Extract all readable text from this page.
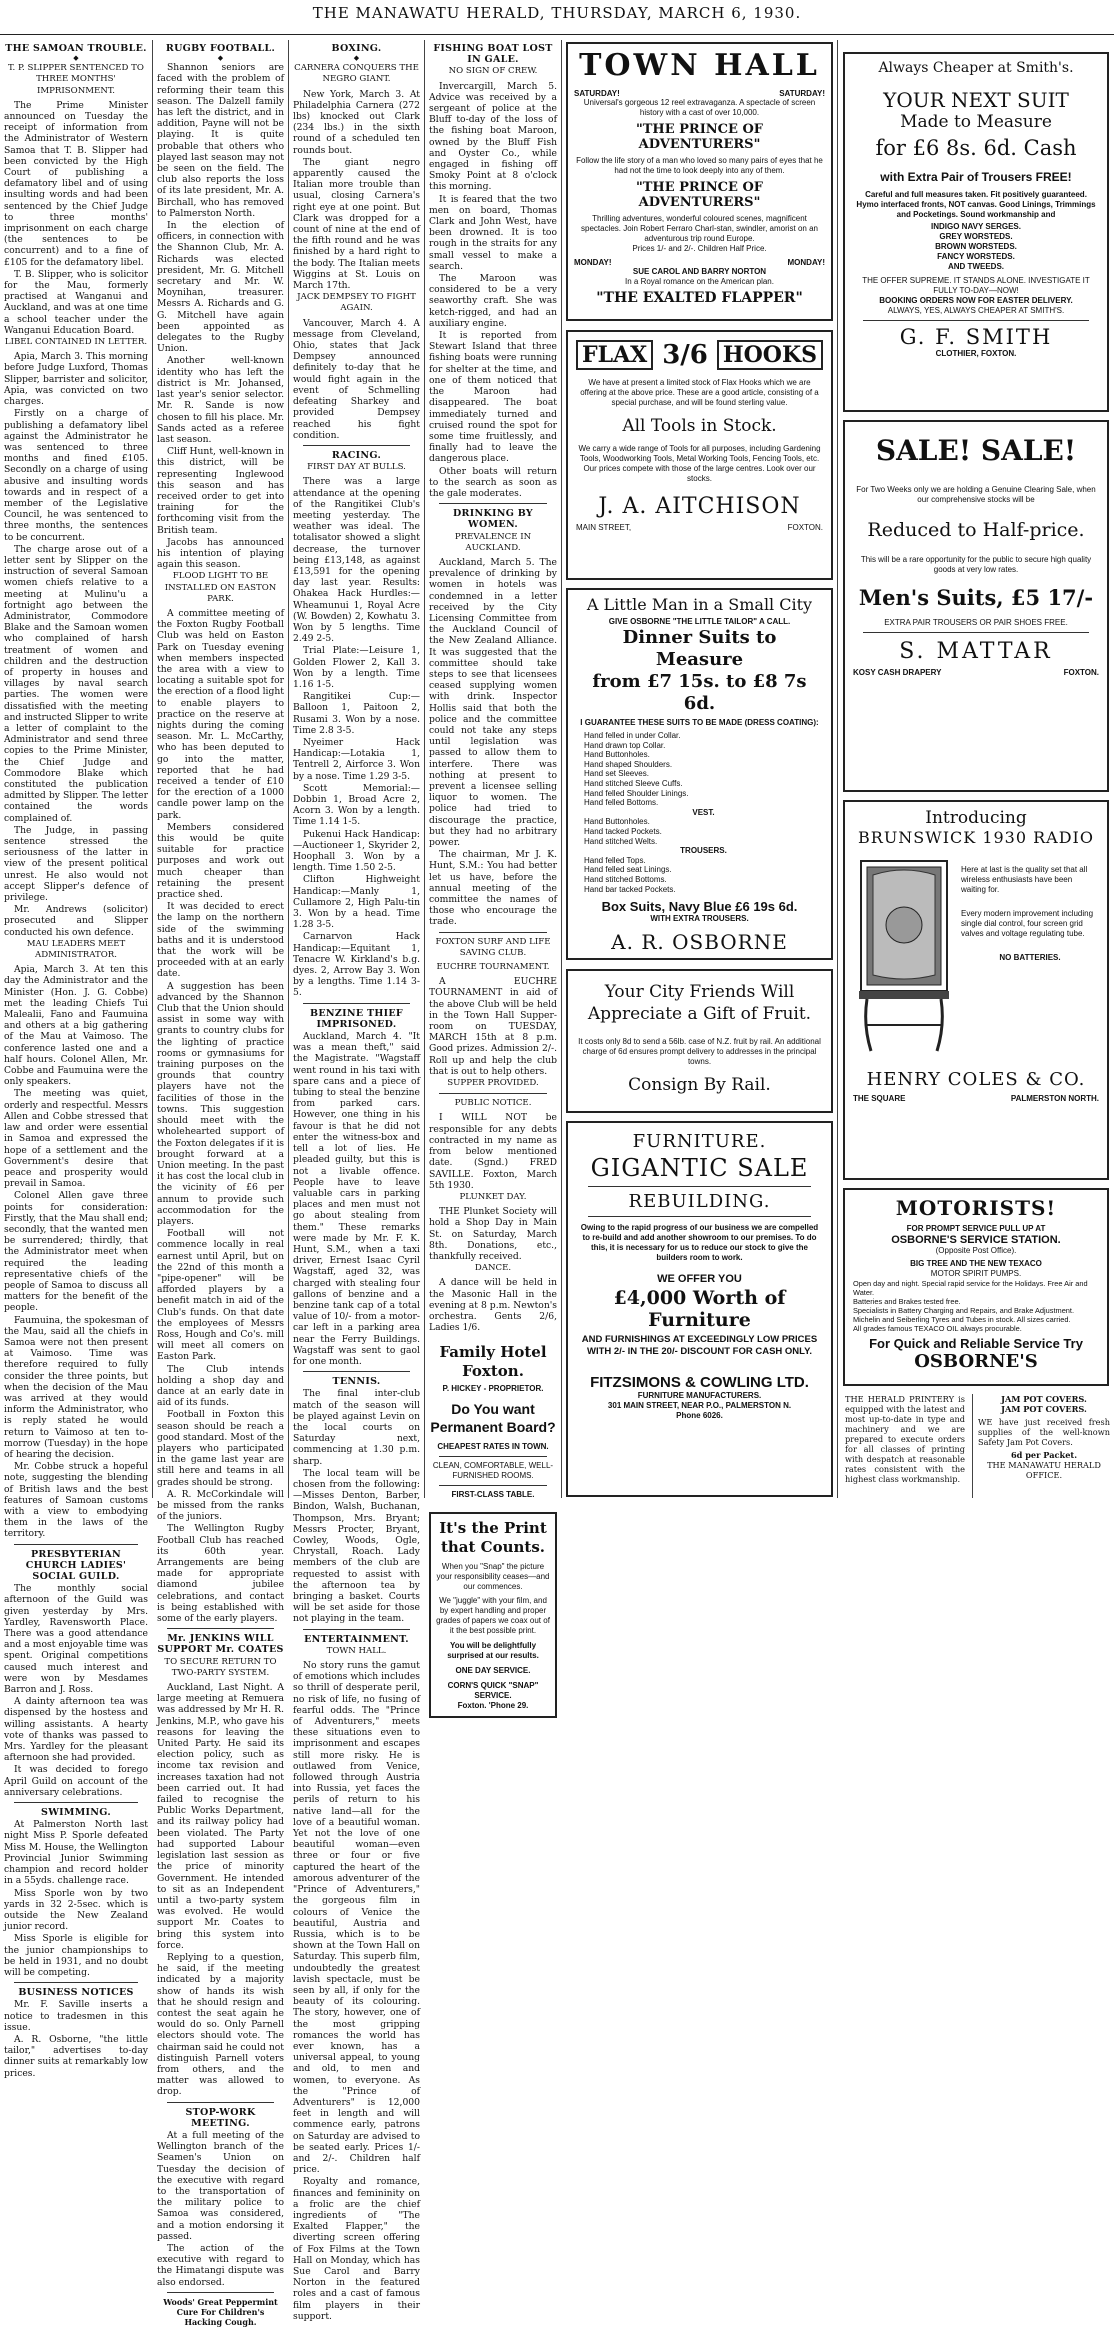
THE MANAWATU HERALD, THURSDAY, MARCH 6, 1930.
THE SAMOAN TROUBLE.
◆
T. P. SLIPPER SENTENCED TO THREE MONTHS' IMPRISONMENT.

The Prime Minister announced on Tuesday the receipt of information from the Administrator of Western Samoa that T. B. Slipper had been convicted by the High Court of publishing a defamatory libel and of using insulting words and had been sentenced by the Chief Judge to three months' imprisonment on each charge (the sentences to be concurrent) and to a fine of £105 for the defamatory libel.

T. B. Slipper, who is solicitor for the Mau, formerly practised at Wanganui and Auckland, and was at one time a school teacher under the Wanganui Education Board.

LIBEL CONTAINED IN LETTER.

Apia, March 3. This morning before Judge Luxford, Thomas Slipper, barrister and solicitor, Apia, was convicted on two charges.

Firstly on a charge of publishing a defamatory libel against the Administrator he was sentenced to three months and fined £105. Secondly on a charge of using abusive and insulting words towards and in respect of a member of the Legislative Council, he was sentenced to three months, the sentences to be concurrent.

The charge arose out of a letter sent by Slipper on the instruction of several Samoan women chiefs relative to a meeting at Mulinu'u a fortnight ago between the Administrator, Commodore Blake and the Samoan women who complained of harsh treatment of women and children and the destruction of property in houses and villages by naval search parties. The women were dissatisfied with the meeting and instructed Slipper to write a letter of complaint to the Administrator and send three copies to the Prime Minister, the Chief Judge and Commodore Blake which constituted the publication admitted by Slipper. The letter contained the words complained of.

The Judge, in passing sentence stressed the seriousness of the latter in view of the present political unrest. He also would not accept Slipper's defence of privilege.

Mr. Andrews (solicitor) prosecuted and Slipper conducted his own defence.

MAU LEADERS MEET ADMINISTRATOR.

Apia, March 3. At ten this day the Administrator and the Minister (Hon. J. G. Cobbe) met the leading Chiefs Tui Malealii, Fano and Faumuina and others at a big gathering of the Mau at Vaimoso. The conference lasted one and a half hours. Colonel Allen, Mr. Cobbe and Faumuina were the only speakers.

The meeting was quiet, orderly and respectful. Messrs Allen and Cobbe stressed that law and order were essential in Samoa and expressed the hope of a settlement and the Government's desire that peace and prosperity would prevail in Samoa.

Colonel Allen gave three points for consideration: Firstly, that the Mau shall end; secondly, that the wanted men be surrendered; thirdly, that the Administrator meet when required the leading representative chiefs of the people of Samoa to discuss all matters for the benefit of the people.

Faumuina, the spokesman of the Mau, said all the chiefs in Samoa were not then present at Vaimoso. Time was therefore required to fully consider the three points, but when the decision of the Mau was arrived at they would inform the Administrator, who is reply stated he would return to Vaimoso at ten to-morrow (Tuesday) in the hope of hearing the decision.

Mr. Cobbe struck a hopeful note, suggesting the blending of British laws and the best features of Samoan customs with a view to embodying them in the laws of the territory.

PRESBYTERIAN CHURCH LADIES' SOCIAL GUILD.

The monthly social afternoon of the Guild was given yesterday by Mrs. Yardley, Ravensworth Place. There was a good attendance and a most enjoyable time was spent. Original competitions caused much interest and were won by Mesdames Barron and J. Ross.

A dainty afternoon tea was dispensed by the hostess and willing assistants. A hearty vote of thanks was passed to Mrs. Yardley for the pleasant afternoon she had provided.

It was decided to forego April Guild on account of the anniversary celebrations.

SWIMMING.

At Palmerston North last night Miss P. Sporle defeated Miss M. House, the Wellington Provincial Junior Swimming champion and record holder in a 55yds. challenge race.

Miss Sporle won by two yards in 32 2-5sec. which is outside the New Zealand junior record.

Miss Sporle is eligible for the junior championships to be held in 1931, and no doubt will be competing.

BUSINESS NOTICES

Mr. F. Saville inserts a notice to tradesmen in this issue.

A. R. Osborne, "the little tailor," advertises to-day dinner suits at remarkably low prices.

RUGBY FOOTBALL.
◆

Shannon seniors are faced with the problem of reforming their team this season. The Dalzell family has left the district, and in addition, Payne will not be playing. It is quite probable that others who played last season may not be seen on the field. The club also reports the loss of its late president, Mr. A. Birchall, who has removed to Palmerston North.

In the election of officers, in connection with the Shannon Club, Mr. A. Richards was elected president, Mr. G. Mitchell secretary and Mr. W. Moynihan, treasurer. Messrs A. Richards and G. G. Mitchell have again been appointed as delegates to the Rugby Union.

Another well-known identity who has left the district is Mr. Johansed, last year's senior selector. Mr. R. Sande is now chosen to fill his place. Mr. Sands acted as a referee last season.

Cliff Hunt, well-known in this district, will be representing Inglewood this season and has received order to get into training for the forthcoming visit from the British team.

Jacobs has announced his intention of playing again this season.

FLOOD LIGHT TO BE INSTALLED ON EASTON PARK.

A committee meeting of the Foxton Rugby Football Club was held on Easton Park on Tuesday evening when members inspected the area with a view to locating a suitable spot for the erection of a flood light to enable players to practice on the reserve at nights during the coming season. Mr. L. McCarthy, who has been deputed to go into the matter, reported that he had received a tender of £10 for the erection of a 1000 candle power lamp on the park.

Members considered this would be quite suitable for practice purposes and work out much cheaper than retaining the present practice shed.

It was decided to erect the lamp on the northern side of the swimming baths and it is understood that the work will be proceeded with at an early date.

A suggestion has been advanced by the Shannon Club that the Union should assist in some way with grants to country clubs for the lighting of practice rooms or gymnasiums for training purposes on the grounds that country players have not the facilities of those in the towns. This suggestion should meet with the wholehearted support of the Foxton delegates if it is brought forward at a Union meeting. In the past it has cost the local club in the vicinity of £6 per annum to provide such accommodation for the players.

Football will not commence locally in real earnest until April, but on the 22nd of this month a "pipe-opener" will be afforded players by a benefit match in aid of the Club's funds. On that date the employees of Messrs Ross, Hough and Co's. mill will meet all comers on Easton Park.

The Club intends holding a shop day and dance at an early date in aid of its funds.

Football in Foxton this season should be reach a good standard. Most of the players who participated in the game last year are still here and teams in all grades should be strong.

A. R. McCorkindale will be missed from the ranks of the juniors.

The Wellington Rugby Football Club has reached its 60th year. Arrangements are being made for appropriate diamond jubilee celebrations, and contact is being established with some of the early players.

Mr. JENKINS WILL SUPPORT Mr. COATES
TO SECURE RETURN TO TWO-PARTY SYSTEM.

Auckland, Last Night. A large meeting at Remuera was addressed by Mr H. R. Jenkins, M.P., who gave his reasons for leaving the United Party. He said its election policy, such as income tax revision and increases taxation had not been carried out. It had failed to recognise the Public Works Department, and its railway policy had been violated. The Party had supported Labour legislation last session as the price of minority Government. He intended to sit as an Independent until a two-party system was evolved. He would support Mr. Coates to bring this system into force.

Replying to a question, he said, if the meeting indicated by a majority show of hands its wish that he should resign and contest the seat again he would do so. Only Parnell electors should vote. The chairman said he could not distinguish Parnell voters from others, and the matter was allowed to drop.

STOP-WORK MEETING.

At a full meeting of the Wellington branch of the Seamen's Union on Tuesday the decision of the executive with regard to the transportation of the military police to Samoa was considered, and a motion endorsing it passed.

The action of the executive with regard to the Himatangi dispute was also endorsed.

Woods' Great Peppermint Cure For Children's Hacking Cough.
BOXING.
◆
CARNERA CONQUERS THE NEGRO GIANT.

New York, March 3. At Philadelphia Carnera (272 lbs) knocked out Clark (234 lbs.) in the sixth round of a scheduled ten rounds bout.

The giant negro apparently caused the Italian more trouble than usual, closing Carnera's right eye at one point. But Clark was dropped for a count of nine at the end of the fifth round and he was finished by a hard right to the body. The Italian meets Wiggins at St. Louis on March 17th.

JACK DEMPSEY TO FIGHT AGAIN.

Vancouver, March 4. A message from Cleveland, Ohio, states that Jack Dempsey announced definitely to-day that he would fight again in the event of Schmelling defeating Sharkey and provided Dempsey reached his fight condition.

RACING.
FIRST DAY AT BULLS.

There was a large attendance at the opening of the Rangitikei Club's meeting yesterday. The weather was ideal. The totalisator showed a slight decrease, the turnover being £13,148, as against £13,591 for the opening day last year. Results: Ohakea Hack Hurdles:—Wheamunui 1, Royal Acre (W. Bowden) 2, Kowhatu 3. Won by 5 lengths. Time 2.49 2-5.

Trial Plate:—Leisure 1, Golden Flower 2, Kall 3. Won by a length. Time 1.16 1-5.

Rangitikei Cup:—Balloon 1, Paitoon 2, Rusami 3. Won by a nose. Time 2.8 3-5.

Nyeimer Hack Handicap:—Lotakia 1, Tentrell 2, Airforce 3. Won by a nose. Time 1.29 3-5.

Scott Memorial:—Dobbin 1, Broad Acre 2, Acorn 3. Won by a length. Time 1.14 1-5.

Pukenui Hack Handicap:—Auctioneer 1, Skyrider 2, Hoophall 3. Won by a length. Time 1.50 2-5.

Clifton Highweight Handicap:—Manly 1, Cullamore 2, High Palu-tin 3. Won by a head. Time 1.28 3-5.

Carnarvon Hack Handicap:—Equitant 1, Tenacre W. Kirkland's b.g. dyes. 2, Arrow Bay 3. Won by a lengths. Time 1.14 3-5.

BENZINE THIEF IMPRISONED.

Auckland, March 4. "It was a mean theft," said the Magistrate. "Wagstaff went round in his taxi with spare cans and a piece of tubing to steal the benzine from parked cars. However, one thing in his favour is that he did not enter the witness-box and tell a lot of lies. He pleaded guilty, but this is not a livable offence. People have to leave valuable cars in parking places and men must not go about stealing from them." These remarks were made by Mr. F. K. Hunt, S.M., when a taxi driver, Ernest Isaac Cyril Wagstaff, aged 32, was charged with stealing four gallons of benzine and a benzine tank cap of a total value of 10/- from a motor-car left in a parking area near the Ferry Buildings. Wagstaff was sent to gaol for one month.

TENNIS.

The final inter-club match of the season will be played against Levin on the local courts on Saturday next, commencing at 1.30 p.m. sharp.

The local team will be chosen from the following:—Misses Denton, Barber, Bindon, Walsh, Buchanan, Thompson, Mrs. Bryant; Messrs Procter, Bryant, Cowley, Woods, Ogle, Chrystall, Roach. Lady members of the club are requested to assist with the afternoon tea by bringing a basket. Courts will be set aside for those not playing in the team.

ENTERTAINMENT.
TOWN HALL.

No story runs the gamut of emotions which includes so thrill of desperate peril, no risk of life, no fusing of fearful odds. The "Prince of Adventurers," meets these situations even to imprisonment and escapes still more risky. He is outlawed from Venice, followed through Austria into Russia, yet faces the perils of return to his native land—all for the love of a beautiful woman. Yet not the love of one beautiful woman—even three or four or five captured the heart of the amorous adventurer of the "Prince of Adventurers," the gorgeous film in colours of Venice the beautiful, Austria and Russia, which is to be shown at the Town Hall on Saturday. This superb film, undoubtedly the greatest lavish spectacle, must be seen by all, if only for the beauty of its colouring. The story, however, one of the most gripping romances the world has ever known, has a universal appeal, to young and old, to men and women, to everyone. As the "Prince of Adventurers" is 12,000 feet in length and will commence early, patrons on Saturday are advised to be seated early. Prices 1/- and 2/-. Children half price.

Royalty and romance, finances and femininity on a frolic are the chief ingredients of "The Exalted Flapper," the diverting screen offering of Fox Films at the Town Hall on Monday, which has Sue Carol and Barry Norton in the featured roles and a cast of famous film players in their support.

FISHING BOAT LOST IN GALE.
NO SIGN OF CREW.

Invercargill, March 5. Advice was received by a sergeant of police at the Bluff to-day of the loss of the fishing boat Maroon, owned by the Bluff Fish and Oyster Co., while engaged in fishing off Smoky Point at 8 o'clock this morning.

It is feared that the two men on board, Thomas Clark and John West, have been drowned. It is too rough in the straits for any small vessel to make a search.

The Maroon was considered to be a very seaworthy craft. She was ketch-rigged, and had an auxiliary engine.

It is reported from Stewart Island that three fishing boats were running for shelter at the time, and one of them noticed that the Maroon had disappeared. The boat immediately turned and cruised round the spot for some time fruitlessly, and finally had to leave the dangerous place.

Other boats will return to the search as soon as the gale moderates.

DRINKING BY WOMEN.
PREVALENCE IN AUCKLAND.

Auckland, March 5. The prevalence of drinking by women in hotels was condemned in a letter received by the City Licensing Committee from the Auckland Council of the New Zealand Alliance. It was suggested that the committee should take steps to see that licensees ceased supplying women with drink. Inspector Hollis said that both the police and the committee could not take any steps until legislation was passed to allow them to interfere. There was nothing at present to prevent a licensee selling liquor to women. The police had tried to discourage the practice, but they had no arbitrary power.

The chairman, Mr J. K. Hunt, S.M.: You had better let us have, before the annual meeting of the committee the names of those who encourage the trade.

FOXTON SURF AND LIFE SAVING CLUB.
EUCHRE TOURNAMENT.

A EUCHRE TOURNAMENT in aid of the above Club will be held in the Town Hall Supper-room on TUESDAY, MARCH 15th at 8 p.m. Good prizes. Admission 2/-. Roll up and help the club that is out to help others.

SUPPER PROVIDED.
PUBLIC NOTICE.

I WILL NOT be responsible for any debts contracted in my name as from below mentioned date. (Sgnd.) FRED SAVILLE. Foxton, March 5th 1930.

PLUNKET DAY.

THE Plunket Society will hold a Shop Day in Main St. on Saturday, March 8th. Donations, etc., thankfully received.

DANCE.

A dance will be held in the Masonic Hall in the evening at 8 p.m. Newton's orchestra. Gents 2/6, Ladies 1/6.

Family Hotel Foxton.
P. HICKEY - PROPRIETOR.
Do You want Permanent Board?
CHEAPEST RATES IN TOWN.
CLEAN, COMFORTABLE, WELL-FURNISHED ROOMS.
FIRST-CLASS TABLE.
It's the Print that Counts.
When you "Snap" the picture your responsibility ceases—and our commences.
We "juggle" with your film, and by expert handling and proper grades of papers we coax out of it the best possible print.
You will be delightfully surprised at our results.
ONE DAY SERVICE.
CORN'S QUICK "SNAP" SERVICE.
Foxton. 'Phone 29.
TOWN HALL
SATURDAY!	SATURDAY!
Universal's gorgeous 12 reel extravaganza. A spectacle of screen history with a cast of over 10,000.
"THE PRINCE OF ADVENTURERS"
Follow the life story of a man who loved so many pairs of eyes that he had not the time to look deeply into any of them.
"THE PRINCE OF ADVENTURERS"
Thrilling adventures, wonderful coloured scenes, magnificent spectacles. Join Robert Ferraro Charl-stan, swindler, amorist on an adventurous trip round Europe.
Prices 1/- and 2/-. Children Half Price.
MONDAY!	MONDAY!
SUE CAROL AND BARRY NORTON
In a Royal romance on the American plan.
"THE EXALTED FLAPPER"
FLAX 3/6 HOOKS
We have at present a limited stock of Flax Hooks which we are offering at the above price. These are a good article, consisting of a special purchase, and will be found sterling value.
All Tools in Stock.
We carry a wide range of Tools for all purposes, including Gardening Tools, Woodworking Tools, Metal Working Tools, Fencing Tools, etc. Our prices compete with those of the large centres. Look over our stocks.
J. A. AITCHISON
MAIN STREET,	FOXTON.
A Little Man in a Small City
GIVE OSBORNE "THE LITTLE TAILOR" A CALL.
Dinner Suits to Measure
from £7 15s. to £8 7s 6d.
I GUARANTEE THESE SUITS TO BE MADE (DRESS COATING):
Hand felled in under Collar.
Hand drawn top Collar.
Hand Buttonholes.
Hand shaped Shoulders.
Hand set Sleeves.
Hand stitched Sleeve Cuffs.
Hand felled Shoulder Linings.
Hand felled Bottoms.
VEST.
Hand Buttonholes.
Hand tacked Pockets.
Hand stitched Welts.
TROUSERS.
Hand felled Tops.
Hand felled seat Linings.
Hand stitched Bottoms.
Hand bar tacked Pockets.
Box Suits, Navy Blue £6 19s 6d.
WITH EXTRA TROUSERS.
A. R. OSBORNE
Your City Friends Will Appreciate a Gift of Fruit.
It costs only 8d to send a 56lb. case of N.Z. fruit by rail. An additional charge of 6d ensures prompt delivery to addresses in the principal towns.
Consign By Rail.
FURNITURE.
GIGANTIC SALE
REBUILDING.
Owing to the rapid progress of our business we are compelled to re-build and add another showroom to our premises. To do this, it is necessary for us to reduce our stock to give the builders room to work.
WE OFFER YOU
£4,000 Worth of Furniture
AND FURNISHINGS AT EXCEEDINGLY LOW PRICES WITH 2/- IN THE 20/- DISCOUNT FOR CASH ONLY.
FITZSIMONS & COWLING LTD.
FURNITURE MANUFACTURERS.
301 MAIN STREET, NEAR P.O., PALMERSTON N.
Phone 6026.
Always Cheaper at Smith's.
YOUR NEXT SUIT
Made to Measure
for £6 8s. 6d. Cash
with Extra Pair of Trousers FREE!
Careful and full measures taken. Fit positively guaranteed. Hymo interfaced fronts, NOT canvas. Good Linings, Trimmings and Pocketings. Sound workmanship and
INDIGO NAVY SERGES.
GREY WORSTEDS.
BROWN WORSTEDS.
FANCY WORSTEDS.
AND TWEEDS.
THE OFFER SUPREME. IT STANDS ALONE. INVESTIGATE IT FULLY TO-DAY—NOW!
BOOKING ORDERS NOW FOR EASTER DELIVERY.
ALWAYS, YES, ALWAYS CHEAPER AT SMITH'S.
G. F. SMITH
CLOTHIER, FOXTON.
SALE! SALE!
For Two Weeks only we are holding a Genuine Clearing Sale, when our comprehensive stocks will be
Reduced to Half-price.
This will be a rare opportunity for the public to secure high quality goods at very low rates.
Men's Suits, £5 17/-
EXTRA PAIR TROUSERS OR PAIR SHOES FREE.
S. MATTAR
KOSY CASH DRAPERY	FOXTON.
Introducing
BRUNSWICK 1930 RADIO
Here at last is the quality set that all wireless enthusiasts have been waiting for.
Every modern improvement including single dial control, four screen grid valves and voltage regulating tube.
NO BATTERIES.
HENRY COLES & CO.
THE SQUARE	PALMERSTON NORTH.
MOTORISTS!
FOR PROMPT SERVICE PULL UP AT
OSBORNE'S SERVICE STATION.
(Opposite Post Office).
BIG TREE AND THE NEW TEXACO
MOTOR SPIRIT PUMPS.
Open day and night. Special rapid service for the Holidays. Free Air and Water.
Batteries and Brakes tested free.
Specialists in Battery Charging and Repairs, and Brake Adjustment.
Michelin and Seiberling Tyres and Tubes in stock. All sizes carried.
All grades famous TEXACO OIL always procurable.
For Quick and Reliable Service Try
OSBORNE'S
THE HERALD PRINTERY is equipped with the latest and most up-to-date in type and machinery and we are prepared to execute orders for all classes of printing with despatch at reasonable rates consistent with the highest class workmanship.
JAM POT COVERS.
JAM POT COVERS.
WE have just received fresh supplies of the well-known Safety Jam Pot Covers.
6d per Packet.
THE MANAWATU HERALD OFFICE.
